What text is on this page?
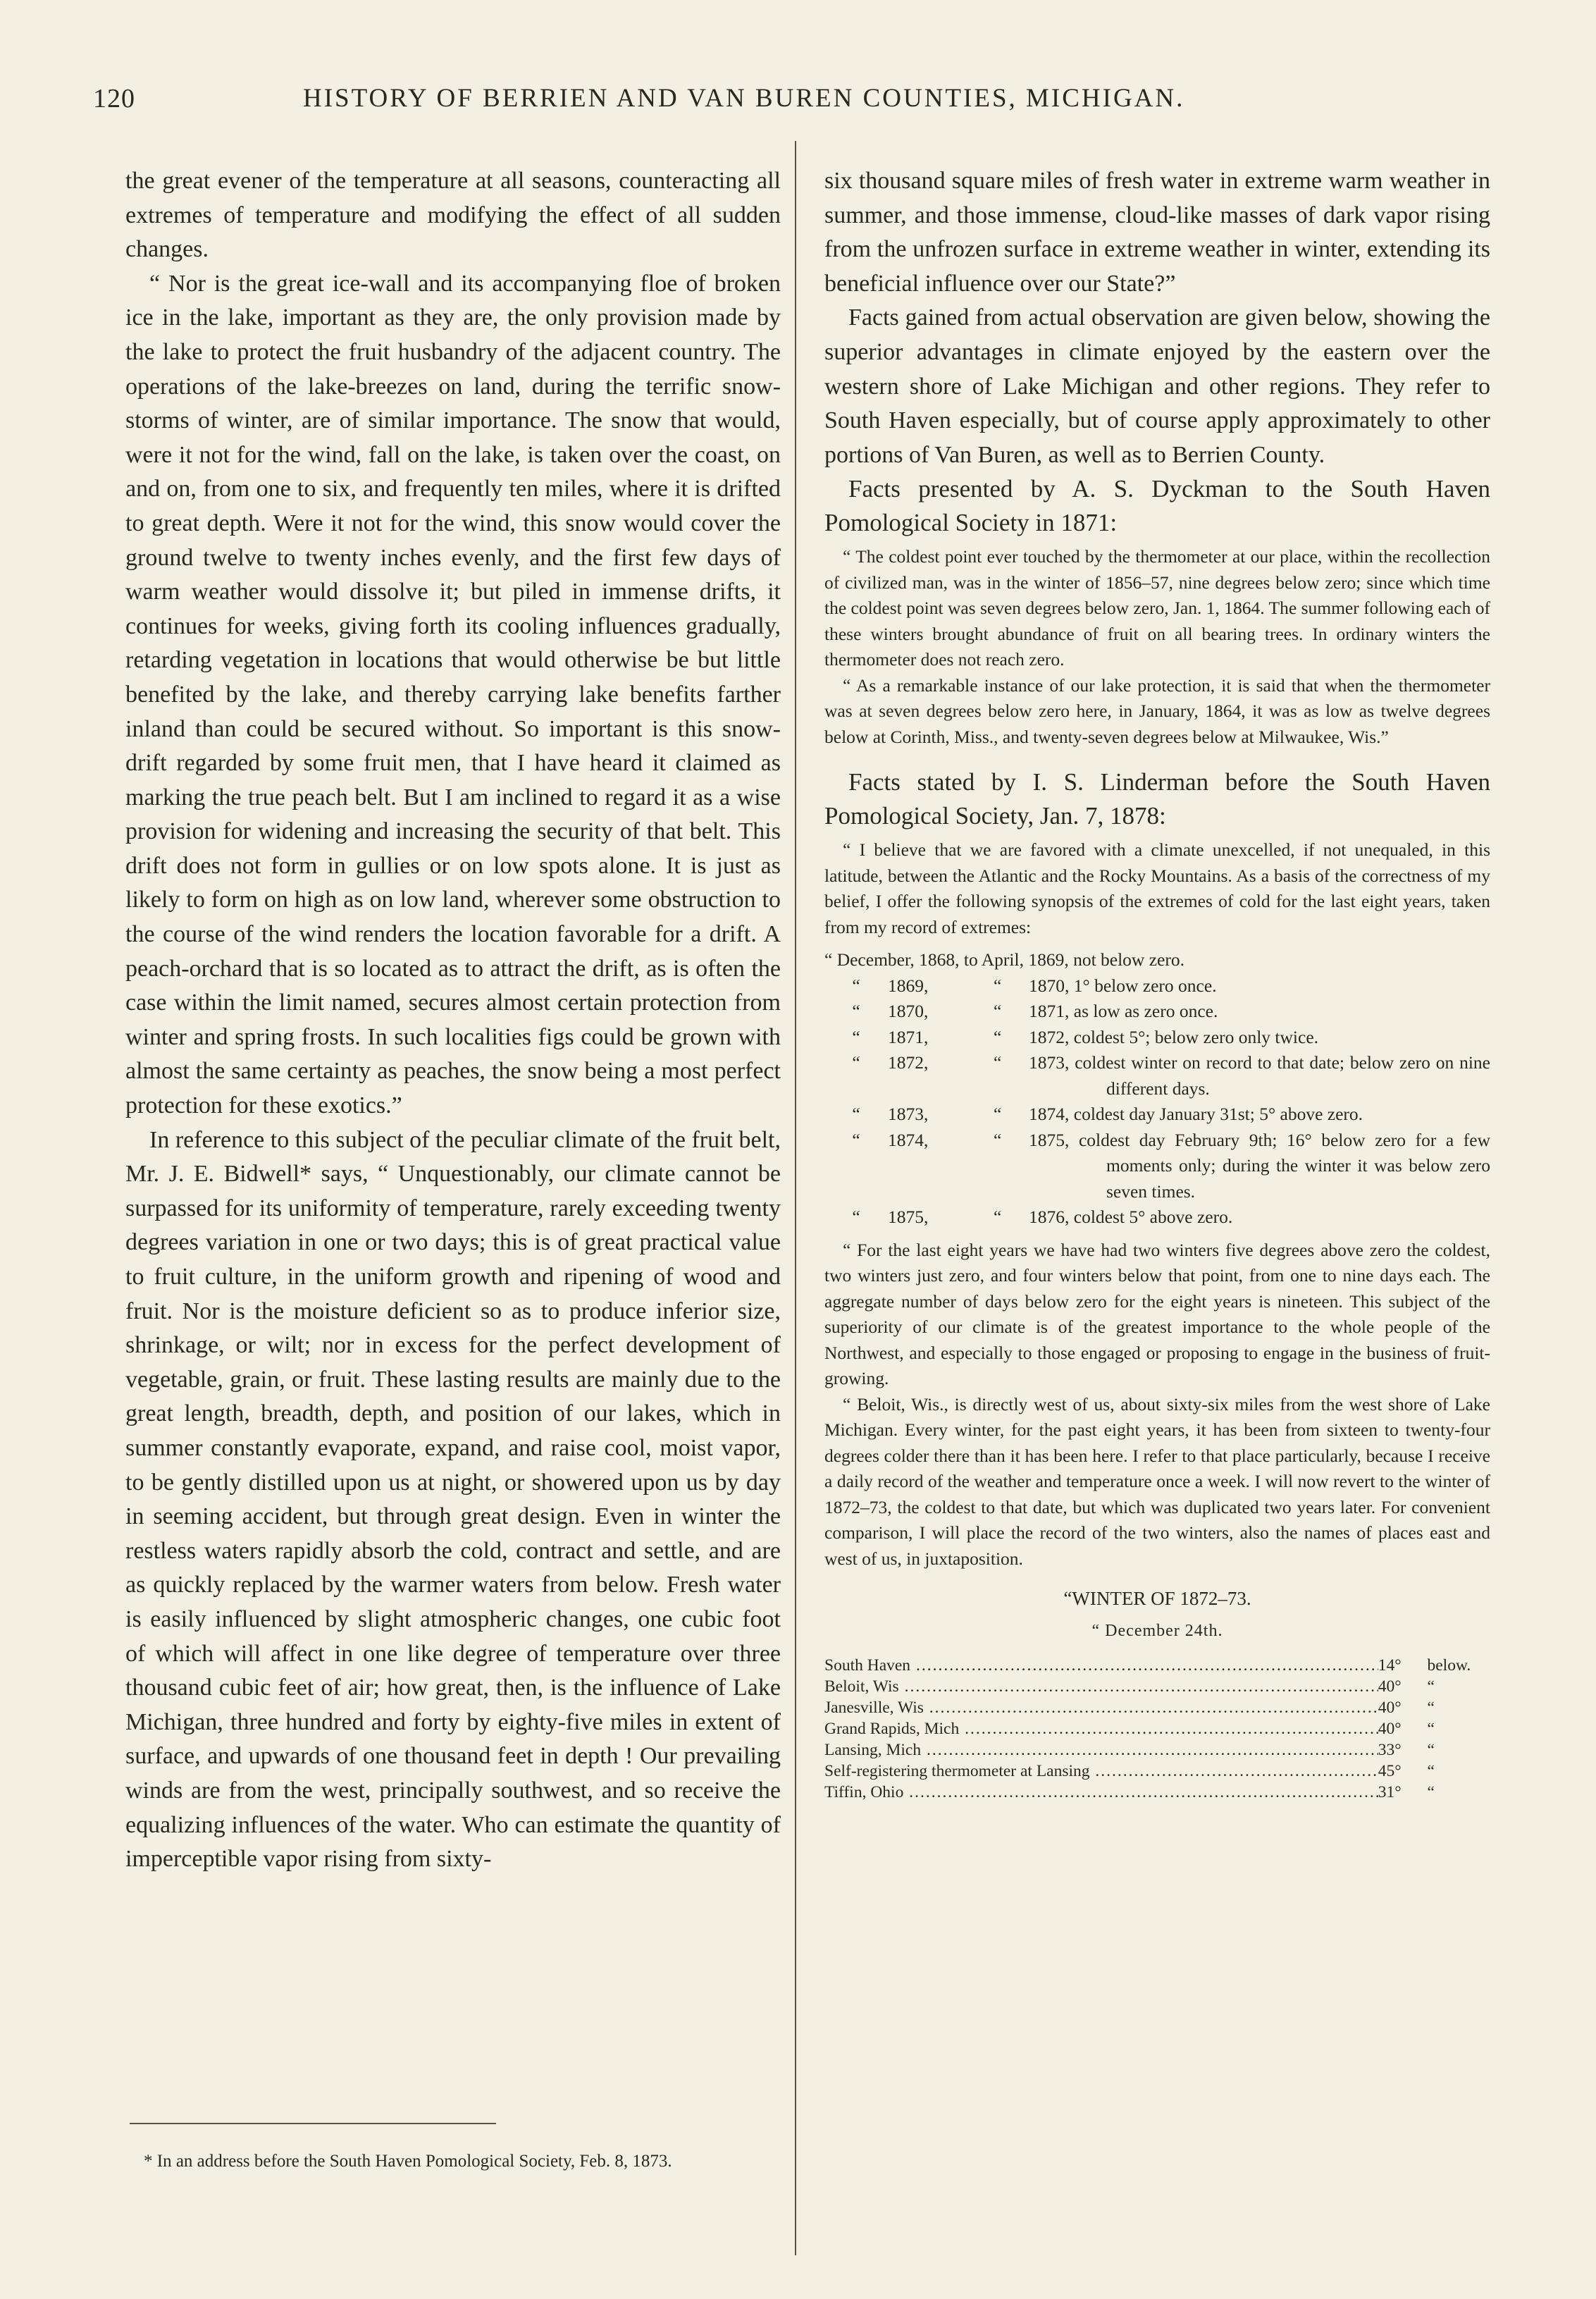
120	HISTORY OF BERRIEN AND VAN BUREN COUNTIES, MICHIGAN.

the great evener of the temperature at all seasons, counteracting all extremes of temperature and modifying the effect of all sudden changes.

“ Nor is the great ice-wall and its accompanying floe of broken ice in the lake, important as they are, the only provision made by the lake to protect the fruit husbandry of the adjacent country. The operations of the lake-breezes on land, during the terrific snow-storms of winter, are of similar importance. The snow that would, were it not for the wind, fall on the lake, is taken over the coast, on and on, from one to six, and frequently ten miles, where it is drifted to great depth. Were it not for the wind, this snow would cover the ground twelve to twenty inches evenly, and the first few days of warm weather would dissolve it; but piled in immense drifts, it continues for weeks, giving forth its cooling influences gradually, retarding vegetation in locations that would otherwise be but little benefited by the lake, and thereby carrying lake benefits farther inland than could be secured without. So important is this snow-drift regarded by some fruit men, that I have heard it claimed as marking the true peach belt. But I am inclined to regard it as a wise provision for widening and increasing the security of that belt. This drift does not form in gullies or on low spots alone. It is just as likely to form on high as on low land, wherever some obstruction to the course of the wind renders the location favorable for a drift. A peach-orchard that is so located as to attract the drift, as is often the case within the limit named, secures almost certain protection from winter and spring frosts. In such localities figs could be grown with almost the same certainty as peaches, the snow being a most perfect protection for these exotics.”

In reference to this subject of the peculiar climate of the fruit belt, Mr. J. E. Bidwell* says, “ Unquestionably, our climate cannot be surpassed for its uniformity of temperature, rarely exceeding twenty degrees variation in one or two days; this is of great practical value to fruit culture, in the uniform growth and ripening of wood and fruit. Nor is the moisture deficient so as to produce inferior size, shrinkage, or wilt; nor in excess for the perfect development of vegetable, grain, or fruit. These lasting results are mainly due to the great length, breadth, depth, and position of our lakes, which in summer constantly evaporate, expand, and raise cool, moist vapor, to be gently distilled upon us at night, or showered upon us by day in seeming accident, but through great design. Even in winter the restless waters rapidly absorb the cold, contract and settle, and are as quickly replaced by the warmer waters from below. Fresh water is easily influenced by slight atmospheric changes, one cubic foot of which will affect in one like degree of temperature over three thousand cubic feet of air; how great, then, is the influence of Lake Michigan, three hundred and forty by eighty-five miles in extent of surface, and upwards of one thousand feet in depth ! Our prevailing winds are from the west, principally southwest, and so receive the equalizing influences of the water. Who can estimate the quantity of imperceptible vapor rising from sixty-

* In an address before the South Haven Pomological Society, Feb. 8, 1873.

six thousand square miles of fresh water in extreme warm weather in summer, and those immense, cloud-like masses of dark vapor rising from the unfrozen surface in extreme weather in winter, extending its beneficial influence over our State?”

Facts gained from actual observation are given below, showing the superior advantages in climate enjoyed by the eastern over the western shore of Lake Michigan and other regions. They refer to South Haven especially, but of course apply approximately to other portions of Van Buren, as well as to Berrien County.

Facts presented by A. S. Dyckman to the South Haven Pomological Society in 1871:

“ The coldest point ever touched by the thermometer at our place, within the recollection of civilized man, was in the winter of 1856–57, nine degrees below zero; since which time the coldest point was seven degrees below zero, Jan. 1, 1864. The summer following each of these winters brought abundance of fruit on all bearing trees. In ordinary winters the thermometer does not reach zero.

“ As a remarkable instance of our lake protection, it is said that when the thermometer was at seven degrees below zero here, in January, 1864, it was as low as twelve degrees below at Corinth, Miss., and twenty-seven degrees below at Milwaukee, Wis.”

Facts stated by I. S. Linderman before the South Haven Pomological Society, Jan. 7, 1878:

“ I believe that we are favored with a climate unexcelled, if not unequaled, in this latitude, between the Atlantic and the Rocky Mountains. As a basis of the correctness of my belief, I offer the following synopsis of the extremes of cold for the last eight years, taken from my record of extremes:

“ December, 1868, to April, 1869, not below zero.

“	1869,	“	1870, 1° below zero once.
“	1870,	“	1871, as low as zero once.
“	1871,	“	1872, coldest 5°; below zero only twice.
“	1872,	“	1873, coldest winter on record to that date; below zero on nine different days.
“	1873,	“	1874, coldest day January 31st; 5° above zero.
“	1874,	“	1875, coldest day February 9th; 16° below zero for a few moments only; during the winter it was below zero seven times.
“	1875,	“	1876, coldest 5° above zero.

“ For the last eight years we have had two winters five degrees above zero the coldest, two winters just zero, and four winters below that point, from one to nine days each. The aggregate number of days below zero for the eight years is nineteen. This subject of the superiority of our climate is of the greatest importance to the whole people of the Northwest, and especially to those engaged or proposing to engage in the business of fruit-growing.

“ Beloit, Wis., is directly west of us, about sixty-six miles from the west shore of Lake Michigan. Every winter, for the past eight years, it has been from sixteen to twenty-four degrees colder there than it has been here. I refer to that place particularly, because I receive a daily record of the weather and temperature once a week. I will now revert to the winter of 1872–73, the coldest to that date, but which was duplicated two years later. For convenient comparison, I will place the record of the two winters, also the names of places east and west of us, in juxtaposition.

“WINTER OF 1872–73.

“ December 24th.

South Haven .....	14°	below.
Beloit, Wis .....	40°	“
Janesville, Wis .....	40°	“
Grand Rapids, Mich .....	40°	“
Lansing, Mich .....	33°	“
Self-registering thermometer at Lansing .....	45°	“
Tiffin, Ohio .....	31°	“
